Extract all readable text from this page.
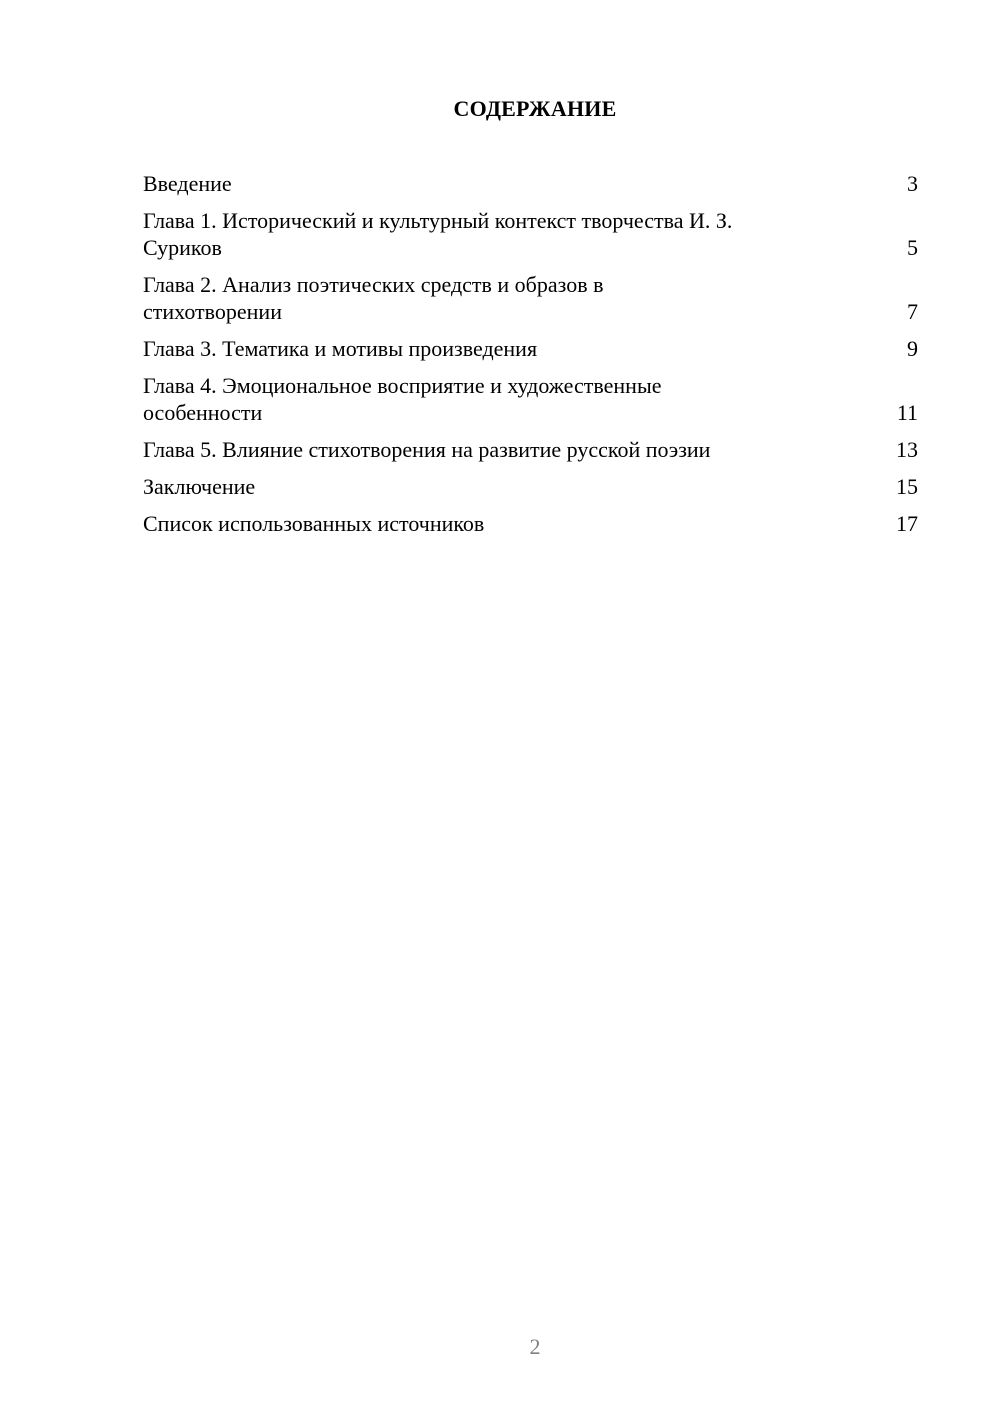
СОДЕРЖАНИЕ
Введение	3
Глава 1. Исторический и культурный контекст творчества И. З.
Суриков	5
Глава 2. Анализ поэтических средств и образов в
стихотворении	7
Глава 3. Тематика и мотивы произведения	9
Глава 4. Эмоциональное восприятие и художественные
особенности	11
Глава 5. Влияние стихотворения на развитие русской поэзии	13
Заключение	15
Список использованных источников	17
2
